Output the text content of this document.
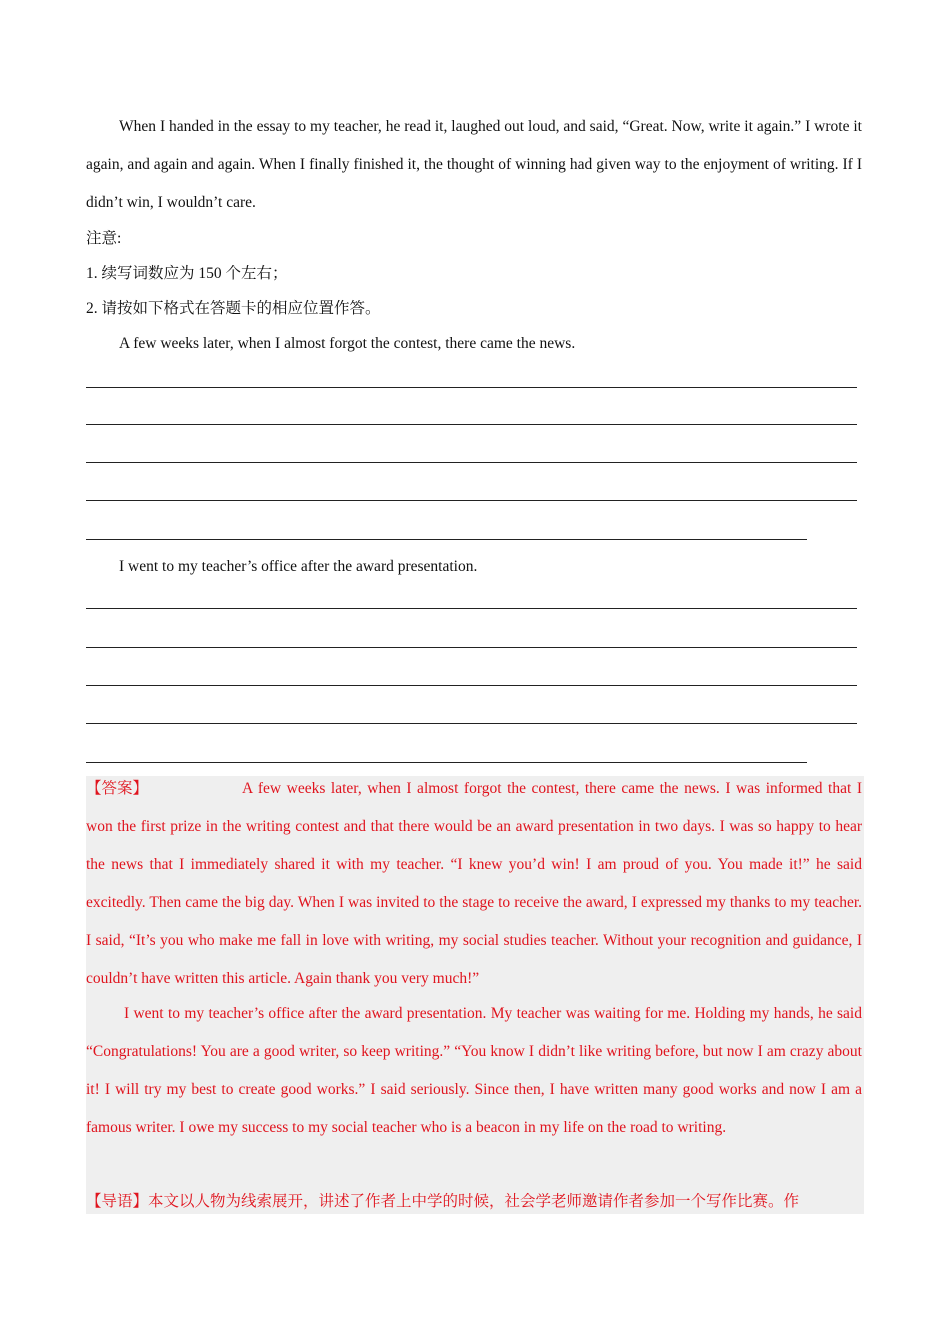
When I handed in the essay to my teacher, he read it, laughed out loud, and said, “Great. Now, write it again.” I wrote it again, and again and again. When I finally finished it, the thought of winning had given way to the enjoyment of writing. If I didn’t win, I wouldn’t care.

注意:

1. 续写词数应为 150 个左右；

2. 请按如下格式在答题卡的相应位置作答。

A few weeks later, when I almost forgot the contest, there came the news.

I went to my teacher’s office after the award presentation.

【答案】	A few weeks later, when I almost forgot the contest, there came the news. I was informed that I won the first prize in the writing contest and that there would be an award presentation in two days. I was so happy to hear the news that I immediately shared it with my teacher. “I knew you’d win! I am proud of you. You made it!” he said excitedly. Then came the big day. When I was invited to the stage to receive the award, I expressed my thanks to my teacher. I said, “It’s you who make me fall in love with writing, my social studies teacher. Without your recognition and guidance, I couldn’t have written this article. Again thank you very much!”

I went to my teacher’s office after the award presentation. My teacher was waiting for me. Holding my hands, he said “Congratulations! You are a good writer, so keep writing.” “You know I didn’t like writing before, but now I am crazy about it! I will try my best to create good works.” I said seriously. Since then, I have written many good works and now I am a famous writer. I owe my success to my social teacher who is a beacon in my life on the road to writing.

【导语】本文以人物为线索展开，讲述了作者上中学的时候，社会学老师邀请作者参加一个写作比赛。作
